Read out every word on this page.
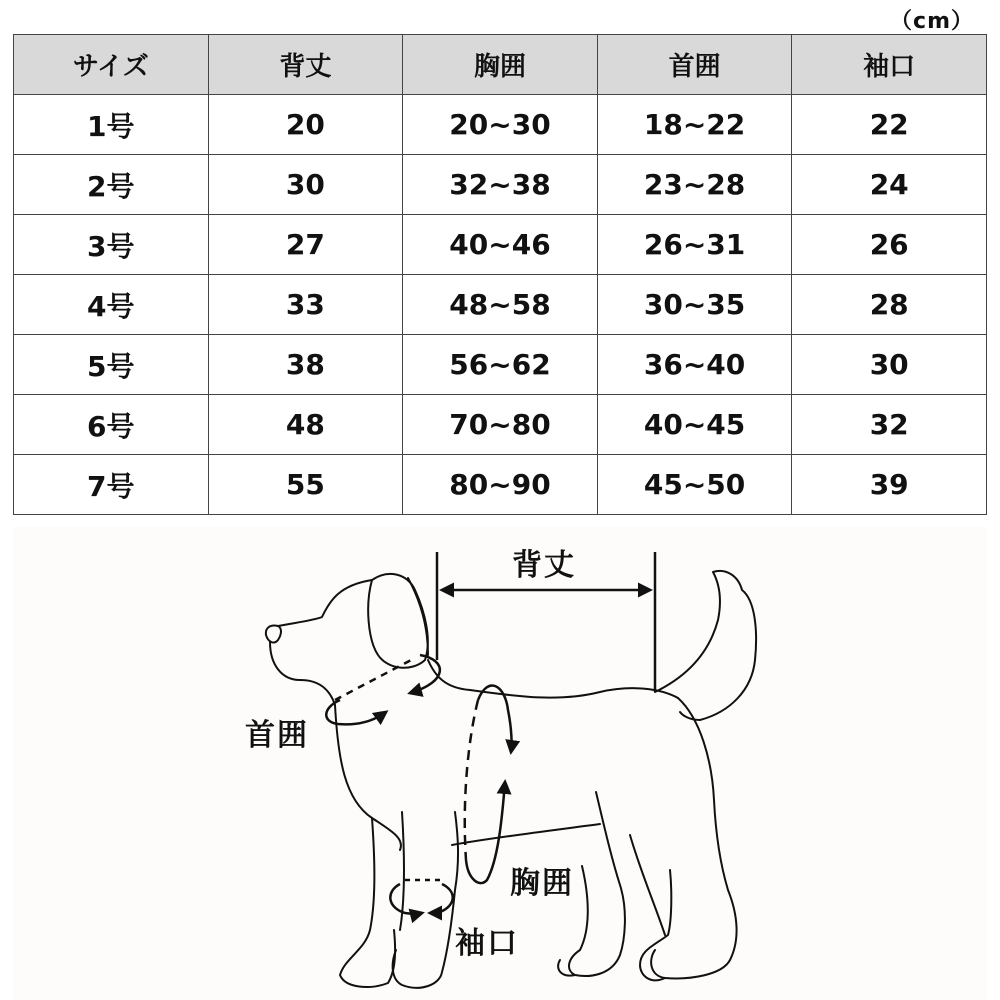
（cm）
サイズ	背丈	胸囲	首囲	袖口
1号	20	20~30	18~22	22
2号	30	32~38	23~28	24
3号	27	40~46	26~31	26
4号	33	48~58	30~35	28
5号	38	56~62	36~40	30
6号	48	70~80	40~45	32
7号	55	80~90	45~50	39
背丈
首囲
胸囲
袖口
